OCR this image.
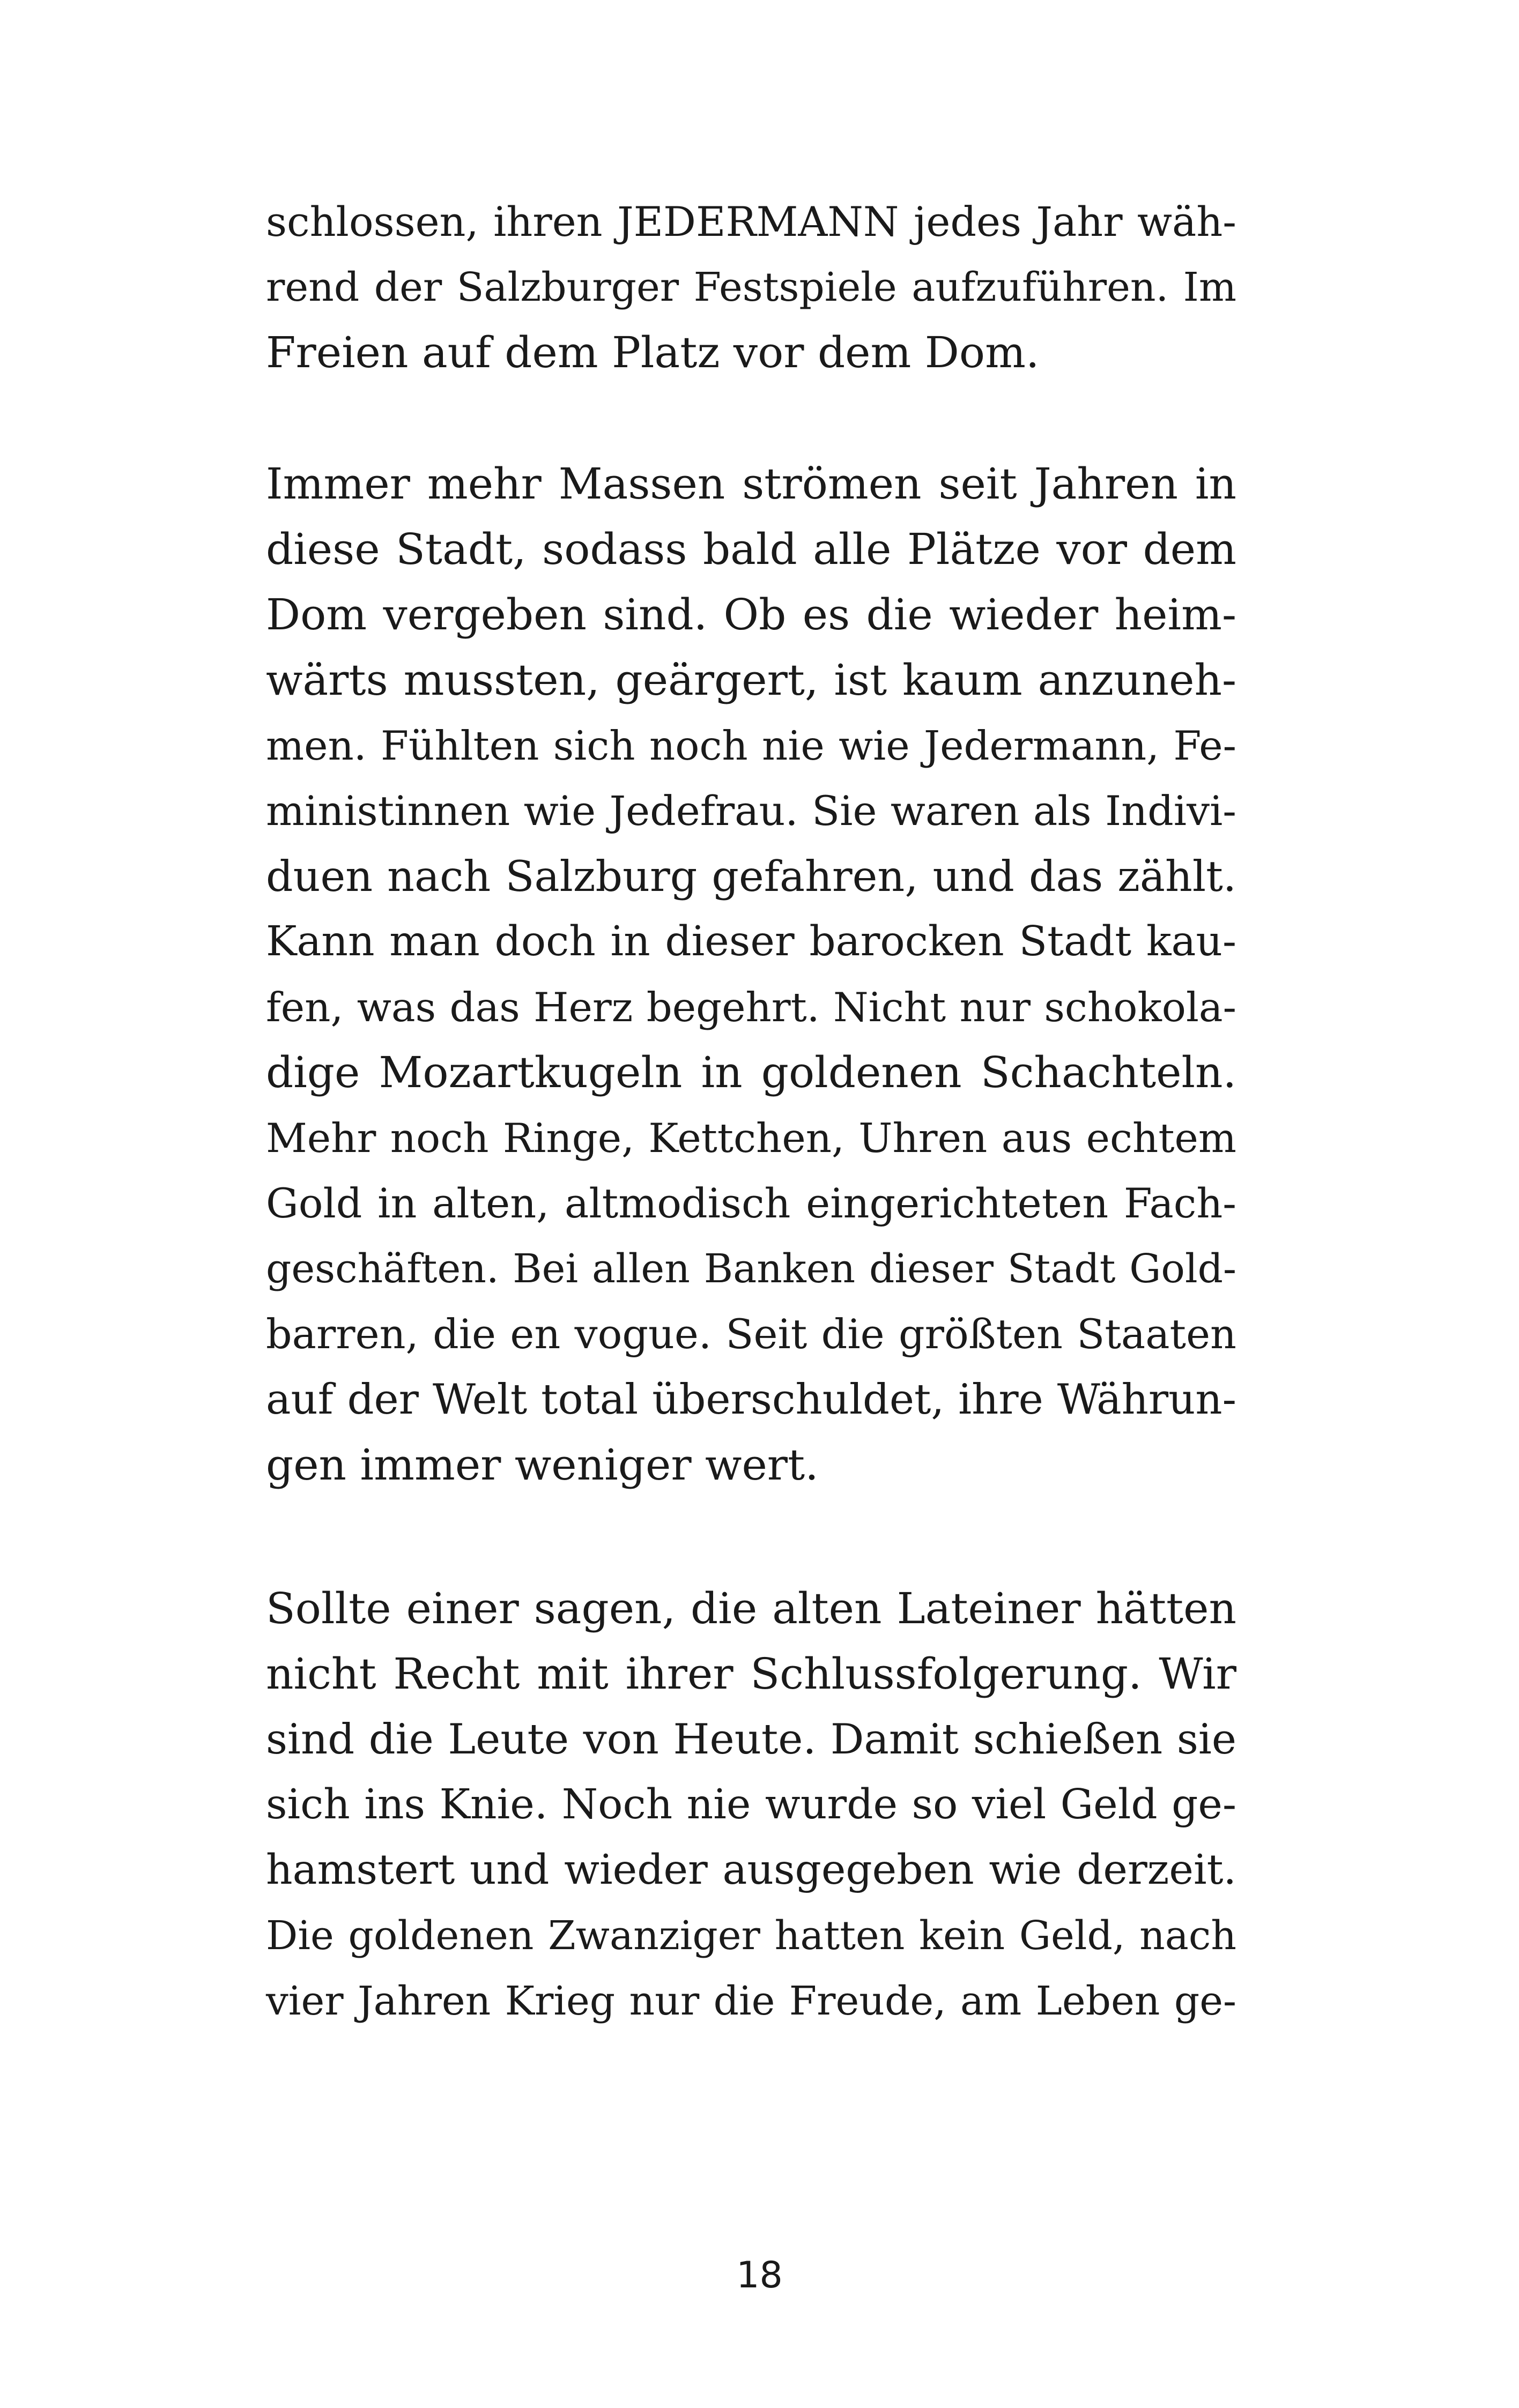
schlossen, ihren JEDERMANN jedes Jahr wäh-
rend der Salzburger Festspiele aufzuführen. Im
Freien auf dem Platz vor dem Dom.
Immer mehr Massen strömen seit Jahren in
diese Stadt, sodass bald alle Plätze vor dem
Dom vergeben sind. Ob es die wieder heim-
wärts mussten, geärgert, ist kaum anzuneh-
men. Fühlten sich noch nie wie Jedermann, Fe-
ministinnen wie Jedefrau. Sie waren als Indivi-
duen nach Salzburg gefahren, und das zählt.
Kann man doch in dieser barocken Stadt kau-
fen, was das Herz begehrt. Nicht nur schokola-
dige Mozartkugeln in goldenen Schachteln.
Mehr noch Ringe, Kettchen, Uhren aus echtem
Gold in alten, altmodisch eingerichteten Fach-
geschäften. Bei allen Banken dieser Stadt Gold-
barren, die en vogue. Seit die größten Staaten
auf der Welt total überschuldet, ihre Währun-
gen immer weniger wert.
Sollte einer sagen, die alten Lateiner hätten
nicht Recht mit ihrer Schlussfolgerung. Wir
sind die Leute von Heute. Damit schießen sie
sich ins Knie. Noch nie wurde so viel Geld ge-
hamstert und wieder ausgegeben wie derzeit.
Die goldenen Zwanziger hatten kein Geld, nach
vier Jahren Krieg nur die Freude, am Leben ge-
18
